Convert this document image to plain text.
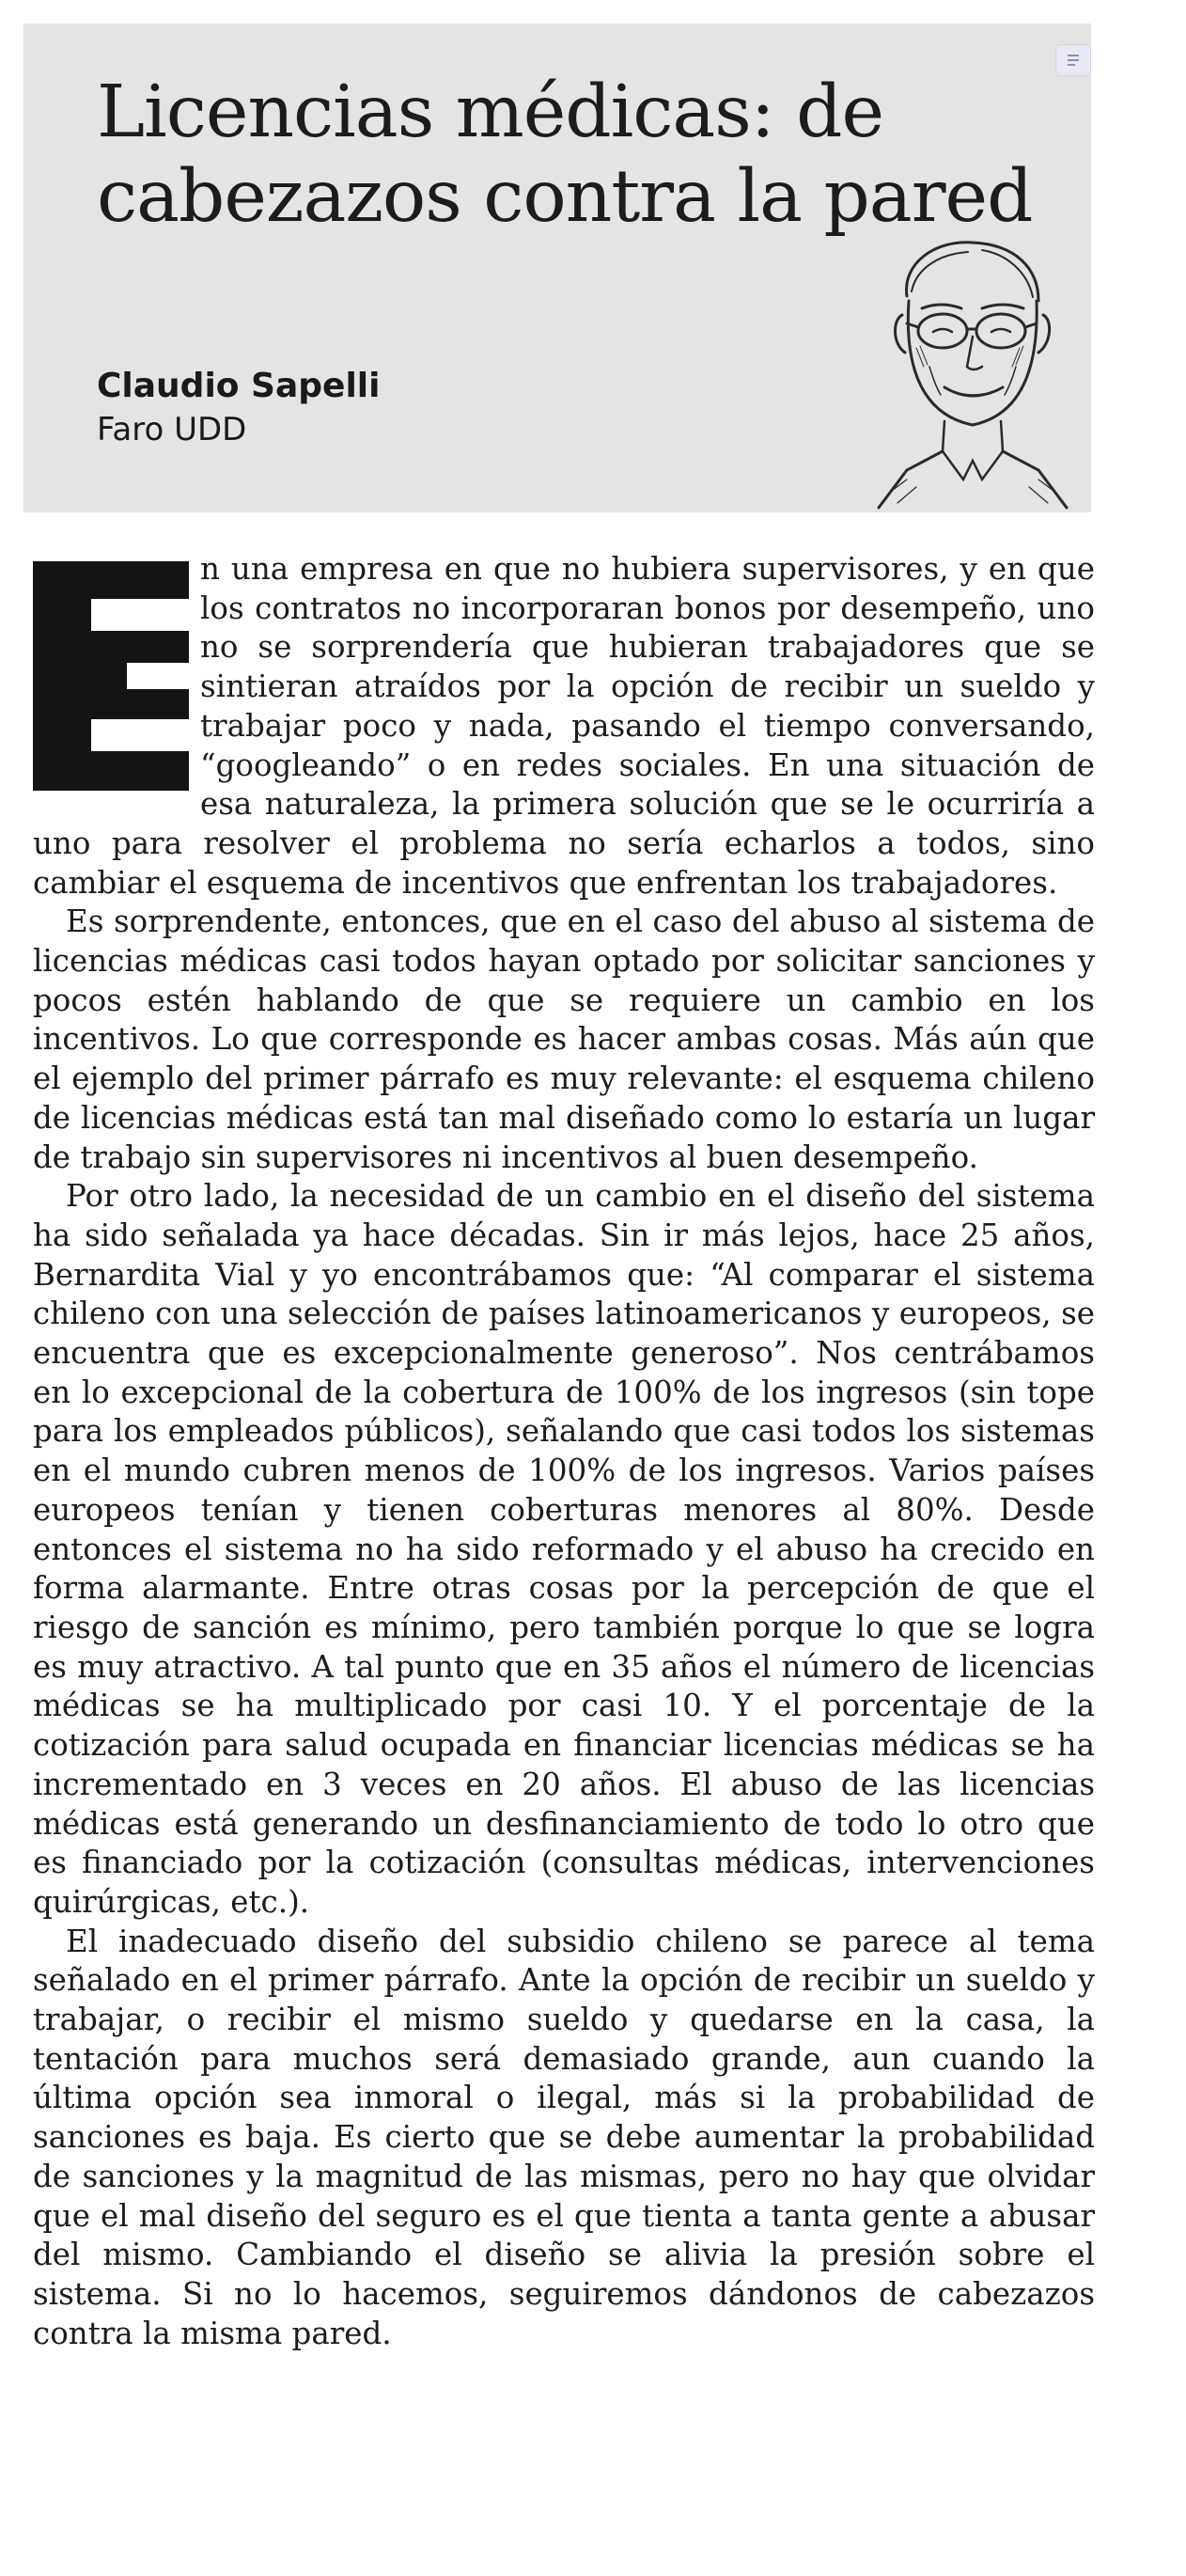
Licencias médicas: de cabezazos contra la pared
Claudio Sapelli
Faro UDD

n una empresa en que no hubiera supervisores, y en que los contratos no incorporaran bonos por desempeño, uno no se sorprendería que hubieran trabajadores que se sintieran atraídos por la opción de recibir un sueldo y trabajar poco y nada, pasando el tiempo conversando, “googleando” o en redes sociales. En una situación de esa naturaleza, la primera solución que se le ocurriría a uno para resolver el problema no sería echarlos a todos, sino cambiar el esquema de incentivos que enfrentan los trabajadores.

Es sorprendente, entonces, que en el caso del abuso al sistema de licencias médicas casi todos hayan optado por solicitar sanciones y pocos estén hablando de que se requiere un cambio en los incentivos. Lo que corresponde es hacer ambas cosas. Más aún que el ejemplo del primer párrafo es muy relevante: el esquema chileno de licencias médicas está tan mal diseñado como lo estaría un lugar de trabajo sin supervisores ni incentivos al buen desempeño.

Por otro lado, la necesidad de un cambio en el diseño del sistema ha sido señalada ya hace décadas. Sin ir más lejos, hace 25 años, Bernardita Vial y yo encontrábamos que: “Al comparar el sistema chileno con una selección de países latinoamericanos y europeos, se encuentra que es excepcionalmente generoso”. Nos centrábamos en lo excepcional de la cobertura de 100% de los ingresos (sin tope para los empleados públicos), señalando que casi todos los sistemas en el mundo cubren menos de 100% de los ingresos. Varios países europeos tenían y tienen coberturas menores al 80%. Desde entonces el sistema no ha sido reformado y el abuso ha crecido en forma alarmante. Entre otras cosas por la percepción de que el riesgo de sanción es mínimo, pero también porque lo que se logra es muy atractivo. A tal punto que en 35 años el número de licencias médicas se ha multiplicado por casi 10. Y el porcentaje de la cotización para salud ocupada en financiar licencias médicas se ha incrementado en 3 veces en 20 años. El abuso de las licencias médicas está generando un desfinanciamiento de todo lo otro que es financiado por la cotización (consultas médicas, intervenciones quirúrgicas, etc.).

El inadecuado diseño del subsidio chileno se parece al tema señalado en el primer párrafo. Ante la opción de recibir un sueldo y trabajar, o recibir el mismo sueldo y quedarse en la casa, la tentación para muchos será demasiado grande, aun cuando la última opción sea inmoral o ilegal, más si la probabilidad de sanciones es baja. Es cierto que se debe aumentar la probabilidad de sanciones y la magnitud de las mismas, pero no hay que olvidar que el mal diseño del seguro es el que tienta a tanta gente a abusar del mismo. Cambiando el diseño se alivia la presión sobre el sistema. Si no lo hacemos, seguiremos dándonos de cabezazos contra la misma pared.
